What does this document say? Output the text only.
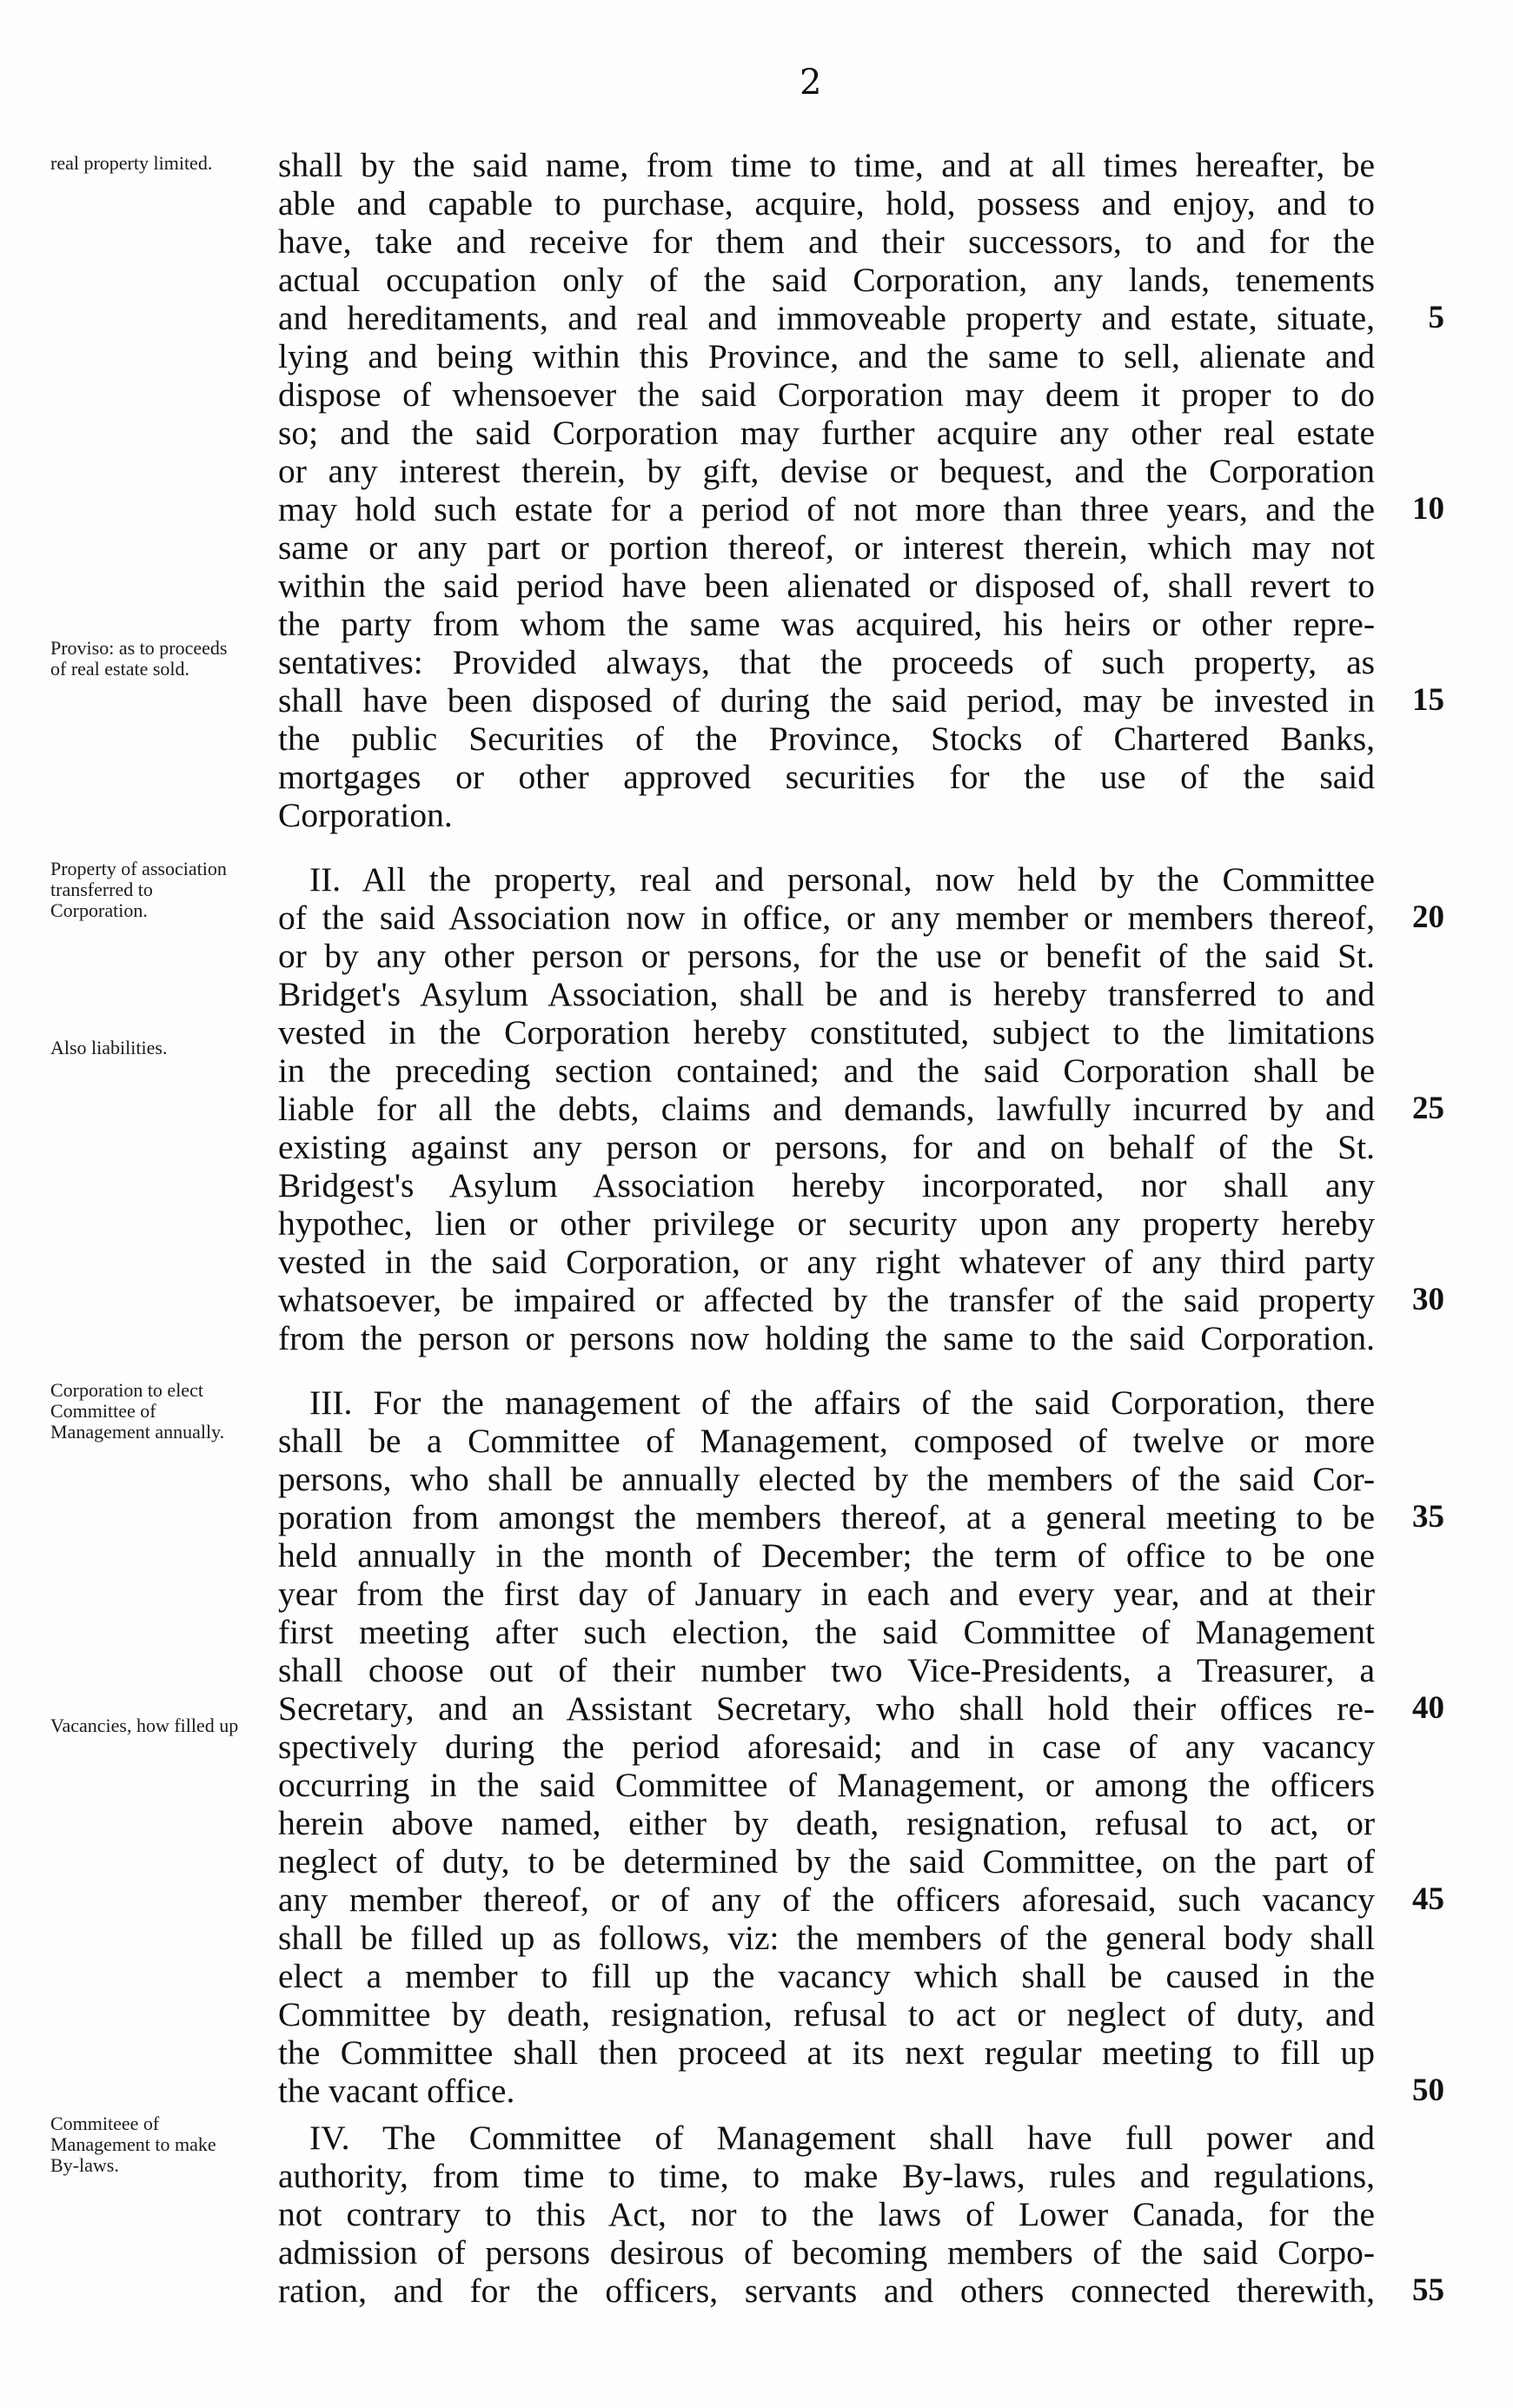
2
real property limited.
Proviso: as to proceeds of real estate sold.
Property of association transferred to Corporation.
Also liabilities.
Corporation to elect Committee of Management annually.
Vacancies, how filled up
Commiteee of Management to make By-laws.
shall by the said name, from time to time, and at all times hereafter, be
able and capable to purchase, acquire, hold, possess and enjoy, and to
have, take and receive for them and their successors, to and for the
actual occupation only of the said Corporation, any lands, tenements
and hereditaments, and real and immoveable property and estate, situate,	5
lying and being within this Province, and the same to sell, alienate and
dispose of whensoever the said Corporation may deem it proper to do
so; and the said Corporation may further acquire any other real estate
or any interest therein, by gift, devise or bequest, and the Corporation
may hold such estate for a period of not more than three years, and the	10
same or any part or portion thereof, or interest therein, which may not
within the said period have been alienated or disposed of, shall revert to
the party from whom the same was acquired, his heirs or other repre-
sentatives: Provided always, that the proceeds of such property, as
shall have been disposed of during the said period, may be invested in	15
the public Securities of the Province, Stocks of Chartered Banks,
mortgages or other approved securities for the use of the said
Corporation.
II. All the property, real and personal, now held by the Committee
of the said Association now in office, or any member or members thereof,	20
or by any other person or persons, for the use or benefit of the said St.
Bridget's Asylum Association, shall be and is hereby transferred to and
vested in the Corporation hereby constituted, subject to the limitations
in the preceding section contained; and the said Corporation shall be
liable for all the debts, claims and demands, lawfully incurred by and	25
existing against any person or persons, for and on behalf of the St.
Bridgest's Asylum Association hereby incorporated, nor shall any
hypothec, lien or other privilege or security upon any property hereby
vested in the said Corporation, or any right whatever of any third party
whatsoever, be impaired or affected by the transfer of the said property	30
from the person or persons now holding the same to the said Corporation.
III. For the management of the affairs of the said Corporation, there
shall be a Committee of Management, composed of twelve or more
persons, who shall be annually elected by the members of the said Cor-
poration from amongst the members thereof, at a general meeting to be	35
held annually in the month of December; the term of office to be one
year from the first day of January in each and every year, and at their
first meeting after such election, the said Committee of Management
shall choose out of their number two Vice-Presidents, a Treasurer, a
Secretary, and an Assistant Secretary, who shall hold their offices re-	40
spectively during the period aforesaid; and in case of any vacancy
occurring in the said Committee of Management, or among the officers
herein above named, either by death, resignation, refusal to act, or
neglect of duty, to be determined by the said Committee, on the part of
any member thereof, or of any of the officers aforesaid, such vacancy	45
shall be filled up as follows, viz: the members of the general body shall
elect a member to fill up the vacancy which shall be caused in the
Committee by death, resignation, refusal to act or neglect of duty, and
the Committee shall then proceed at its next regular meeting to fill up
the vacant office.	50
IV. The Committee of Management shall have full power and
authority, from time to time, to make By-laws, rules and regulations,
not contrary to this Act, nor to the laws of Lower Canada, for the
admission of persons desirous of becoming members of the said Corpo-
ration, and for the officers, servants and others connected therewith,	55
